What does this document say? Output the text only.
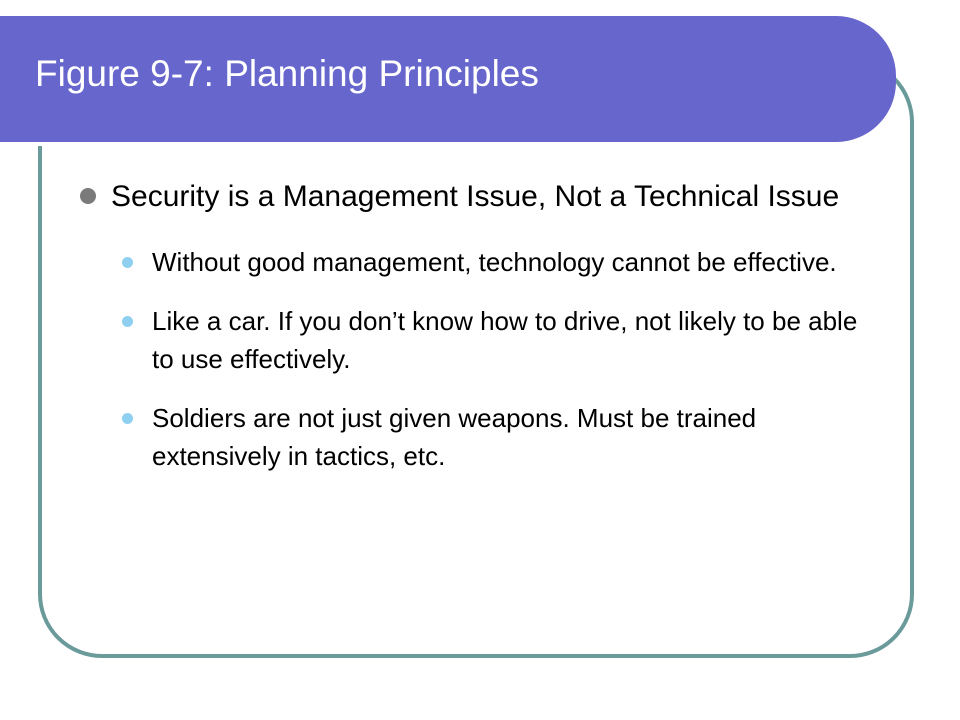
Figure 9-7: Planning Principles
Security is a Management Issue, Not a Technical Issue
Without good management, technology cannot be effective.
Like a car. If you don’t know how to drive, not likely to be able to use effectively.
Soldiers are not just given weapons. Must be trained extensively in tactics, etc.
